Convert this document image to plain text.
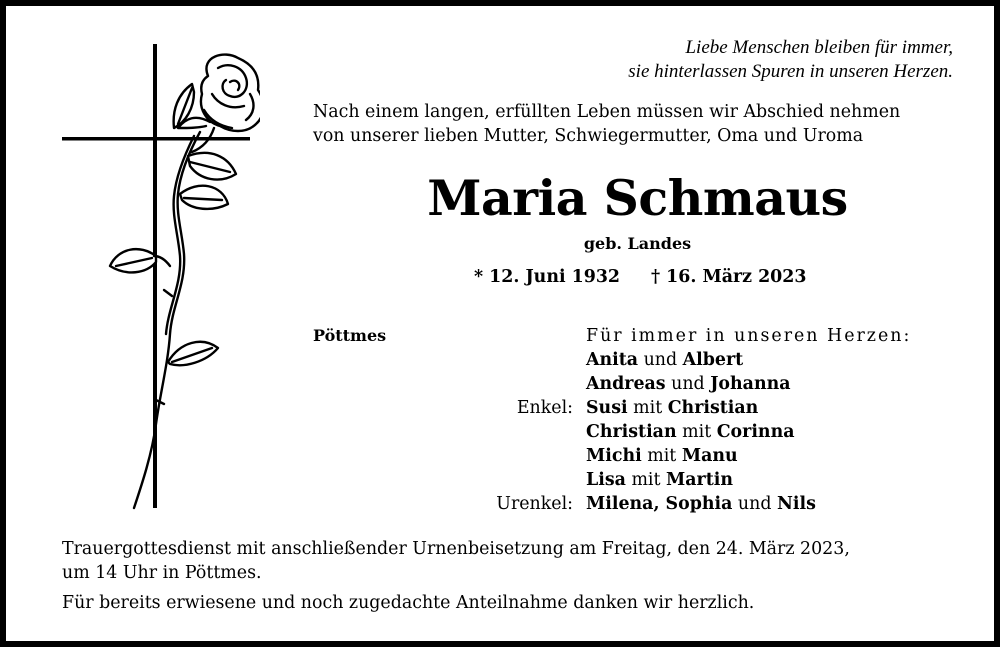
Liebe Menschen bleiben für immer,
sie hinterlassen Spuren in unseren Herzen.
Nach einem langen, erfüllten Leben müssen wir Abschied nehmen
von unserer lieben Mutter, Schwiegermutter, Oma und Uroma
Maria Schmaus
geb. Landes
* 12. Juni 1932 † 16. März 2023
Pöttmes	Für immer in unseren Herzen:
Anita und Albert
Andreas und Johanna
Enkel: Susi mit Christian
Christian mit Corinna
Michi mit Manu
Lisa mit Martin
Urenkel: Milena, Sophia und Nils
Trauergottesdienst mit anschließender Urnenbeisetzung am Freitag, den 24. März 2023,
um 14 Uhr in Pöttmes.
Für bereits erwiesene und noch zugedachte Anteilnahme danken wir herzlich.
